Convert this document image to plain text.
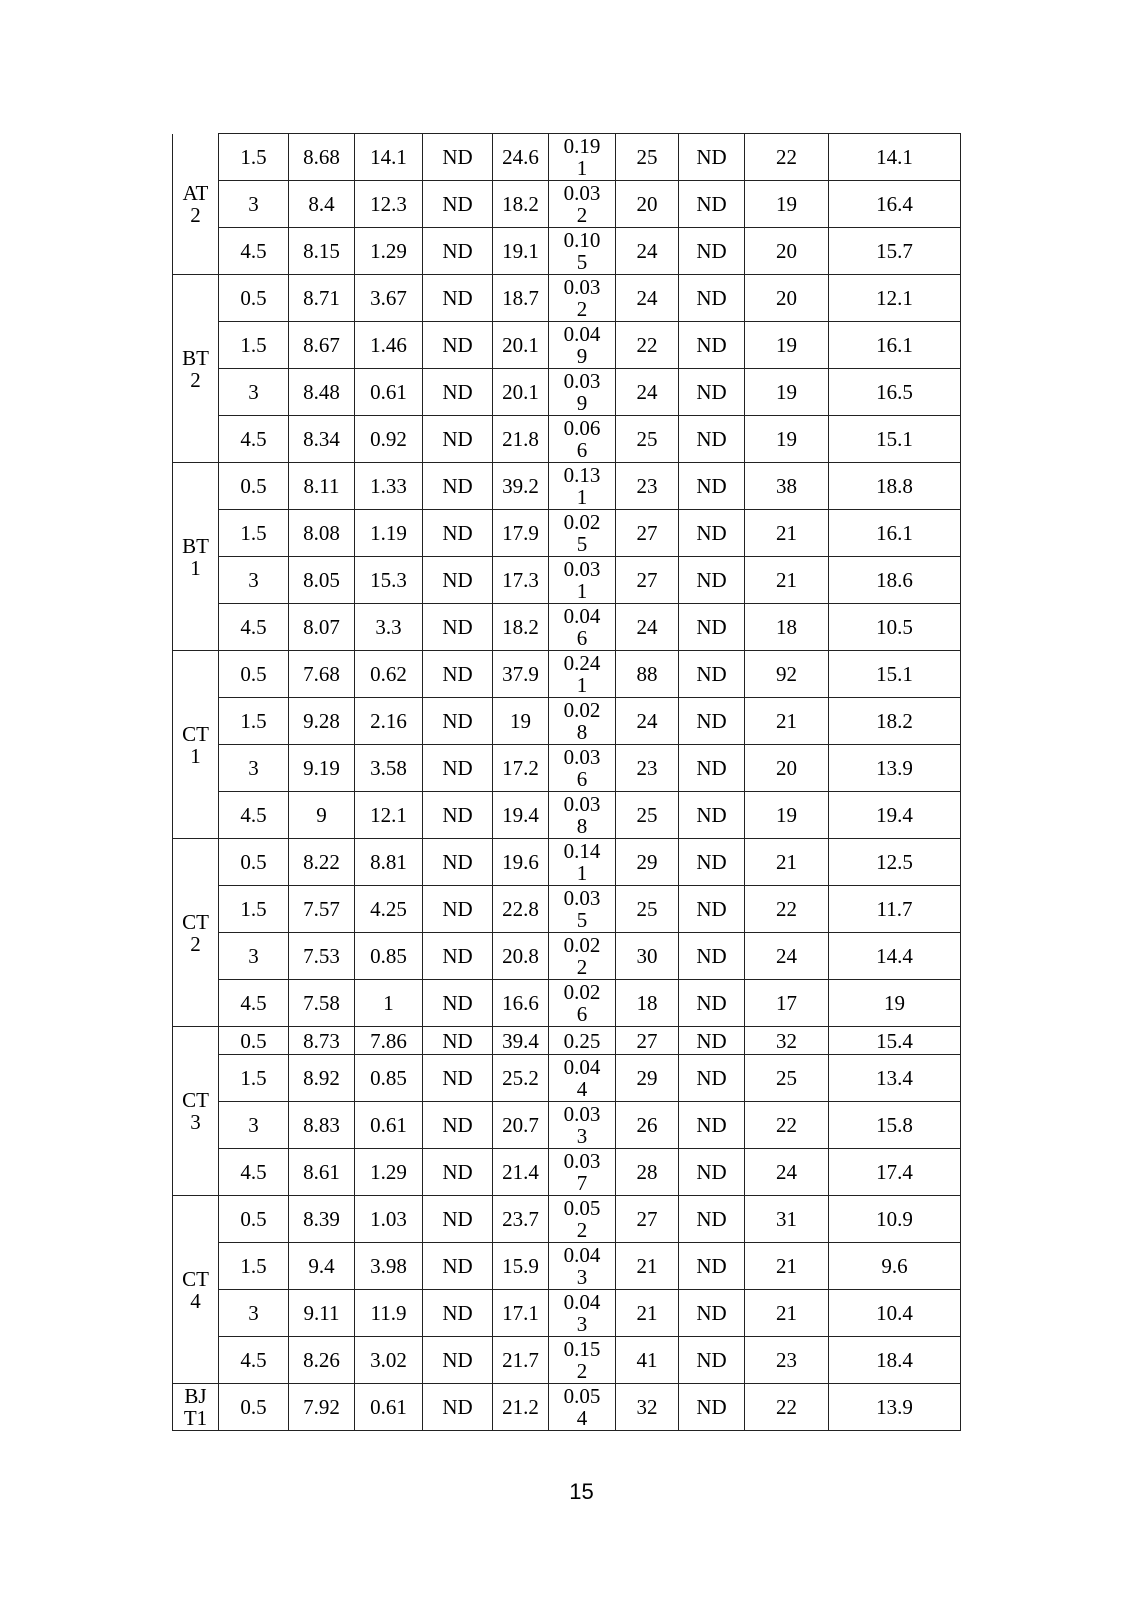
AT 2	1.5	8.68	14.1	ND	24.6	0.191	25	ND	22	14.1
	3	8.4	12.3	ND	18.2	0.032	20	ND	19	16.4
	4.5	8.15	1.29	ND	19.1	0.105	24	ND	20	15.7
BT 2	0.5	8.71	3.67	ND	18.7	0.032	24	ND	20	12.1
	1.5	8.67	1.46	ND	20.1	0.049	22	ND	19	16.1
	3	8.48	0.61	ND	20.1	0.039	24	ND	19	16.5
	4.5	8.34	0.92	ND	21.8	0.066	25	ND	19	15.1
BT 1	0.5	8.11	1.33	ND	39.2	0.131	23	ND	38	18.8
	1.5	8.08	1.19	ND	17.9	0.025	27	ND	21	16.1
	3	8.05	15.3	ND	17.3	0.031	27	ND	21	18.6
	4.5	8.07	3.3	ND	18.2	0.046	24	ND	18	10.5
CT 1	0.5	7.68	0.62	ND	37.9	0.241	88	ND	92	15.1
	1.5	9.28	2.16	ND	19	0.028	24	ND	21	18.2
	3	9.19	3.58	ND	17.2	0.036	23	ND	20	13.9
	4.5	9	12.1	ND	19.4	0.038	25	ND	19	19.4
CT 2	0.5	8.22	8.81	ND	19.6	0.141	29	ND	21	12.5
	1.5	7.57	4.25	ND	22.8	0.035	25	ND	22	11.7
	3	7.53	0.85	ND	20.8	0.022	30	ND	24	14.4
	4.5	7.58	1	ND	16.6	0.026	18	ND	17	19
CT 3	0.5	8.73	7.86	ND	39.4	0.25	27	ND	32	15.4
	1.5	8.92	0.85	ND	25.2	0.044	29	ND	25	13.4
	3	8.83	0.61	ND	20.7	0.033	26	ND	22	15.8
	4.5	8.61	1.29	ND	21.4	0.037	28	ND	24	17.4
CT 4	0.5	8.39	1.03	ND	23.7	0.052	27	ND	31	10.9
	1.5	9.4	3.98	ND	15.9	0.043	21	ND	21	9.6
	3	9.11	11.9	ND	17.1	0.043	21	ND	21	10.4
	4.5	8.26	3.02	ND	21.7	0.152	41	ND	23	18.4
BJ T1	0.5	7.92	0.61	ND	21.2	0.054	32	ND	22	13.9
15
